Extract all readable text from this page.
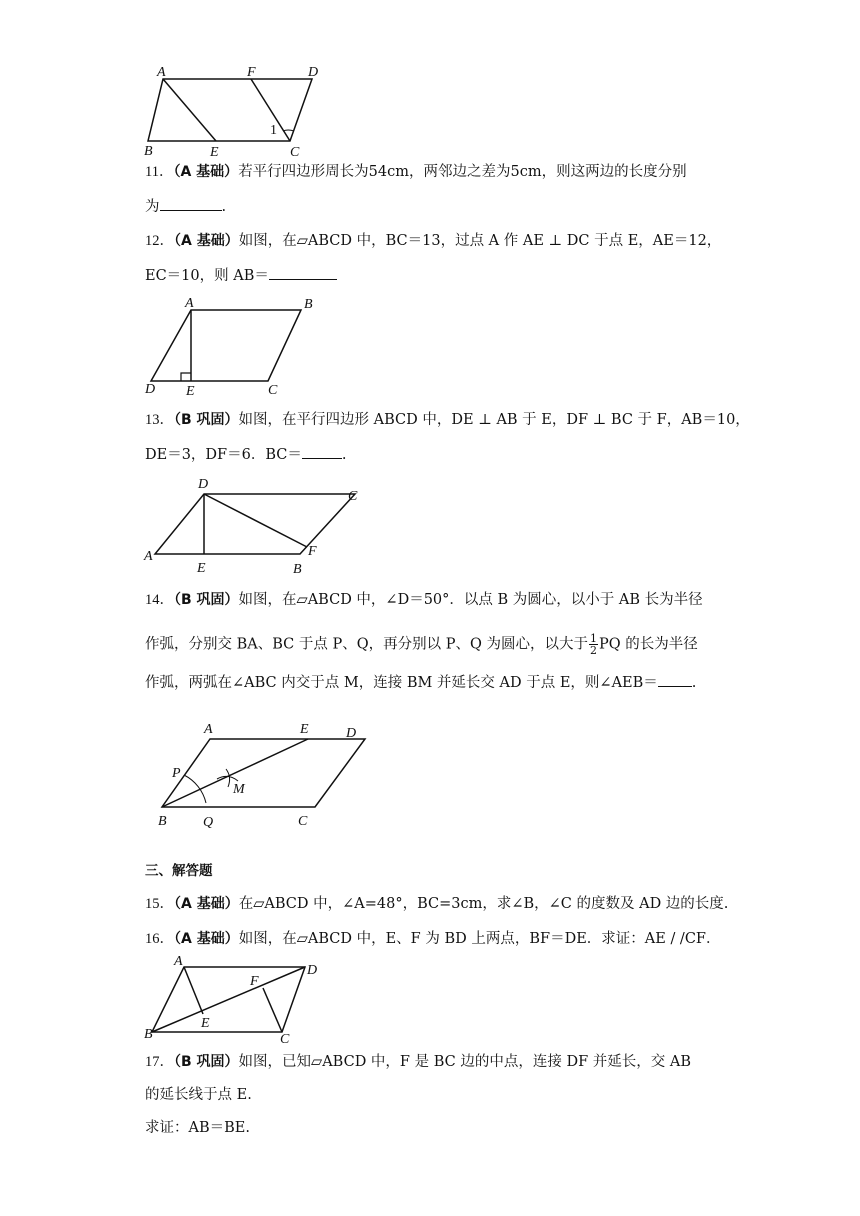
A	F	D
B	E	C
1
11．（A 基础）若平行四边形周长为54cm，两邻边之差为5cm，则这两边的长度分别
为	.
12．（A 基础）如图，在▱ABCD 中，BC＝13，过点 A 作 AE ⊥ DC 于点 E，AE＝12，
EC＝10，则 AB＝
A	B
D E	C
13．（B 巩固）如图，在平行四边形 ABCD 中，DE ⊥ AB 于 E，DF ⊥ BC 于 F，AB＝10，
DE＝3，DF＝6．BC＝	.
D
C
A
E	B
F
14．（B 巩固）如图，在▱ABCD 中，∠D＝50°．以点 B 为圆心，以小于 AB 长为半径
作弧，分别交 BA、BC 于点 P、Q，再分别以 P、Q 为圆心，以大于 $\frac{1}{2}$ PQ 的长为半径
作弧，两弧在∠ABC 内交于点 M，连接 BM 并延长交 AD 于点 E，则∠AEB＝ .
A	E	D
P
M
B	Q	C
三、解答题
15．（A 基础）在▱ABCD 中，∠A=48°，BC=3cm，求∠B，∠C 的度数及 AD 边的长度.
16．（A 基础）如图，在▱ABCD 中，E、F 为 BD 上两点，BF＝DE．求证：AE / /CF．
A
D
F
E
B	C
17．（B 巩固）如图，已知▱ABCD 中，F 是 BC 边的中点，连接 DF 并延长，交 AB
的延长线于点 E.
求证：AB＝BE.
